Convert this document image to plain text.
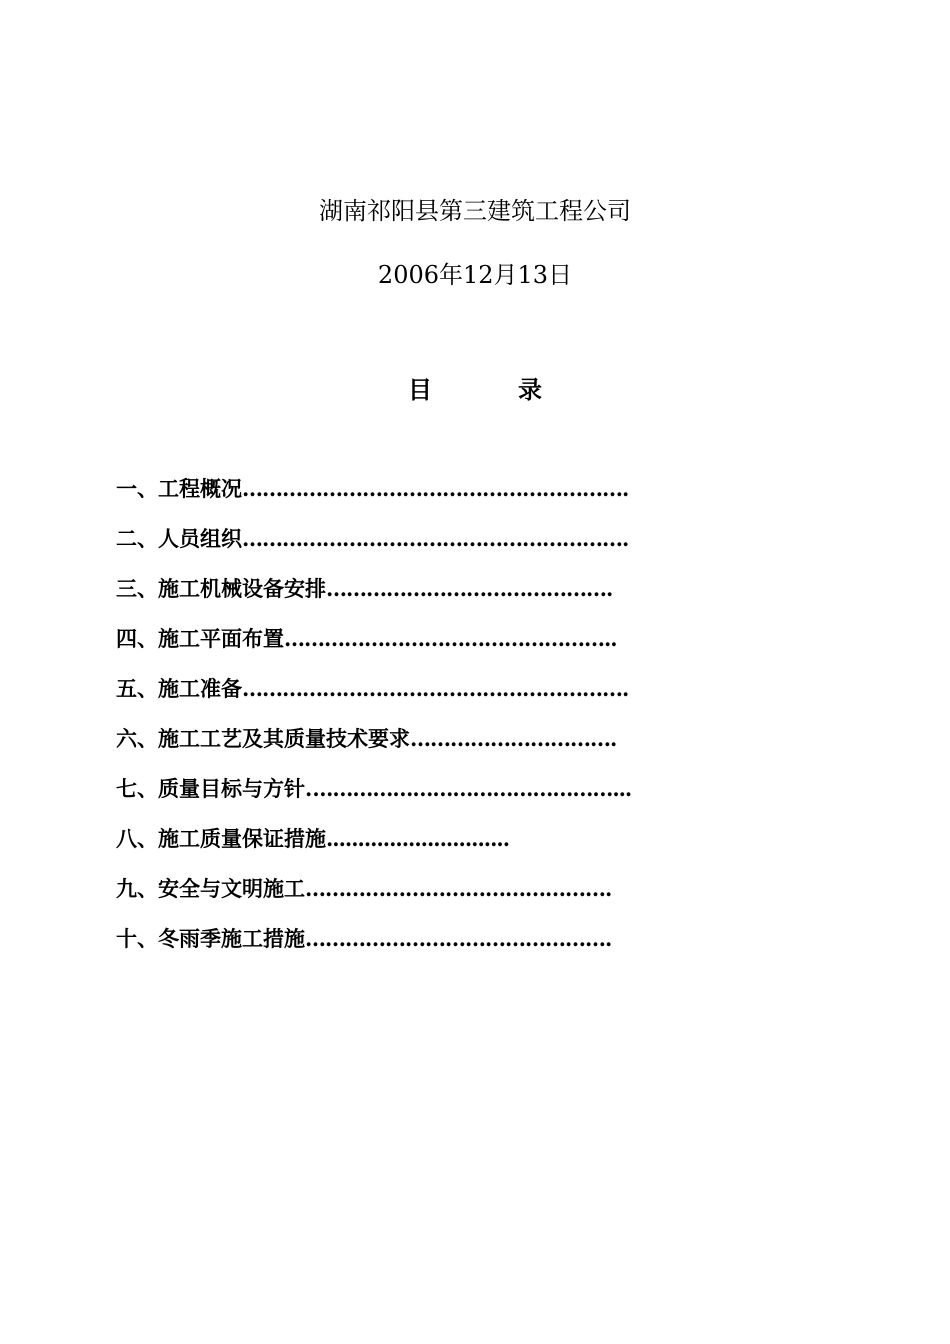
湖南祁阳县第三建筑工程公司
2006年12月13日
目	录
一、工程概况………………………………………………….
二、人员组织………………………………………………….
三、施工机械设备安排…………………………………….
四、施工平面布置…………………………………………..
五、施工准备………………………………………………….
六、施工工艺及其质量技术要求………………………….
七、质量目标与方针.………………………………………...
八、施工质量保证措施.............................
九、安全与文明施工……………………………………….
十、冬雨季施工措施……………………………………….
